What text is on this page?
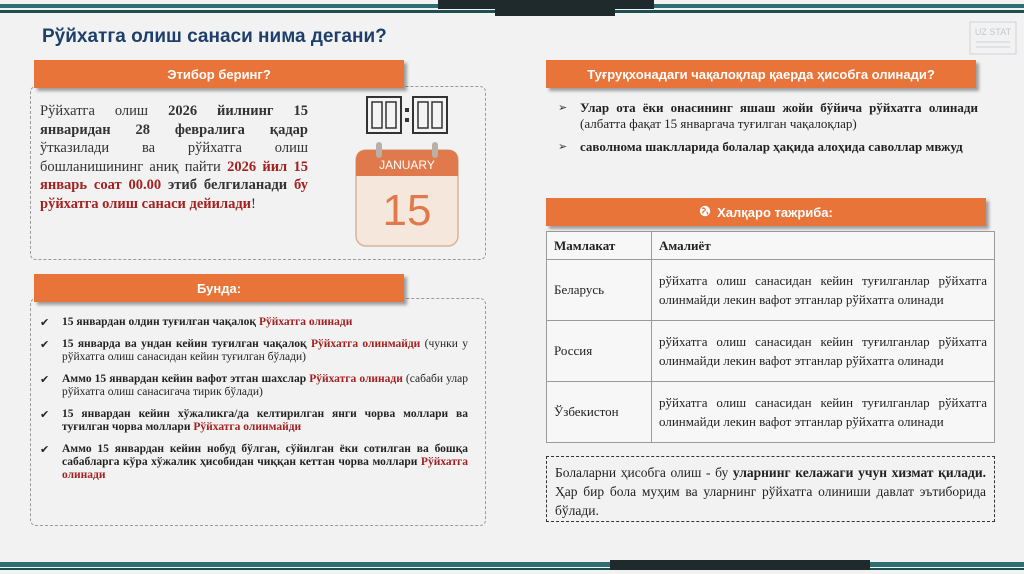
Рўйхатга олиш санаси нима дегани?	UZ STAT
Этибор беринг?

Рўйхатга олиш 2026 йилнинг 15 январидан 28 февралига қадар ўтказилади ва рўйхатга олиш бошланишининг аниқ пайти 2026 йил 15 январь соат 00.00 этиб белгиланади бу рўйхатга олиш санаси дейилади!

JANUARY
15
Бунда:
✔ 15 январдан олдин туғилган чақалоқ Рўйхатга олинади
✔ 15 январда ва ундан кейин туғилган чақалоқ Рўйхатга олинмайди (чунки у рўйхатга олиш санасидан кейин туғилган бўлади)
✔ Аммо 15 январдан кейин вафот этган шахслар Рўйхатга олинади (сабаби улар рўйхатга олиш санасигача тирик бўлади)
✔ 15 январдан кейин хўжаликга/да келтирилган янги чорва моллари ва туғилган чорва моллари Рўйхатга олинмайди
✔ Аммо 15 январдан кейин нобуд бўлган, сўйилган ёки сотилган ва бошқа сабабларга кўра хўжалик ҳисобидан чиққан кеттан чорва моллари Рўйхатга олинади
Туғруқхонадаги чақалоқлар қаерда ҳисобга олинади?
➢ Улар ота ёки онасининг яшаш жойи бўйича рўйхатга олинади (албатта фақат 15 январгача туғилган чақалоқлар)
➢ саволнома шаклларида болалар ҳақида алоҳида саволлар мвжуд
Халқаро тажриба:
Мамлакат	Амалиёт
Беларусь	рўйхатга олиш санасидан кейин туғилганлар рўйхатга олинмайди лекин вафот этганлар рўйхатга олинади
Россия	рўйхатга олиш санасидан кейин туғилганлар рўйхатга олинмайди лекин вафот этганлар рўйхатга олинади
Ўзбекистон	рўйхатга олиш санасидан кейин туғилганлар рўйхатга олинмайди лекин вафот этганлар рўйхатга олинади
Болаларни ҳисобга олиш - бу уларнинг келажаги учун хизмат қилади. Ҳар бир бола муҳим ва уларнинг рўйхатга олиниши давлат эътиборида бўлади.
